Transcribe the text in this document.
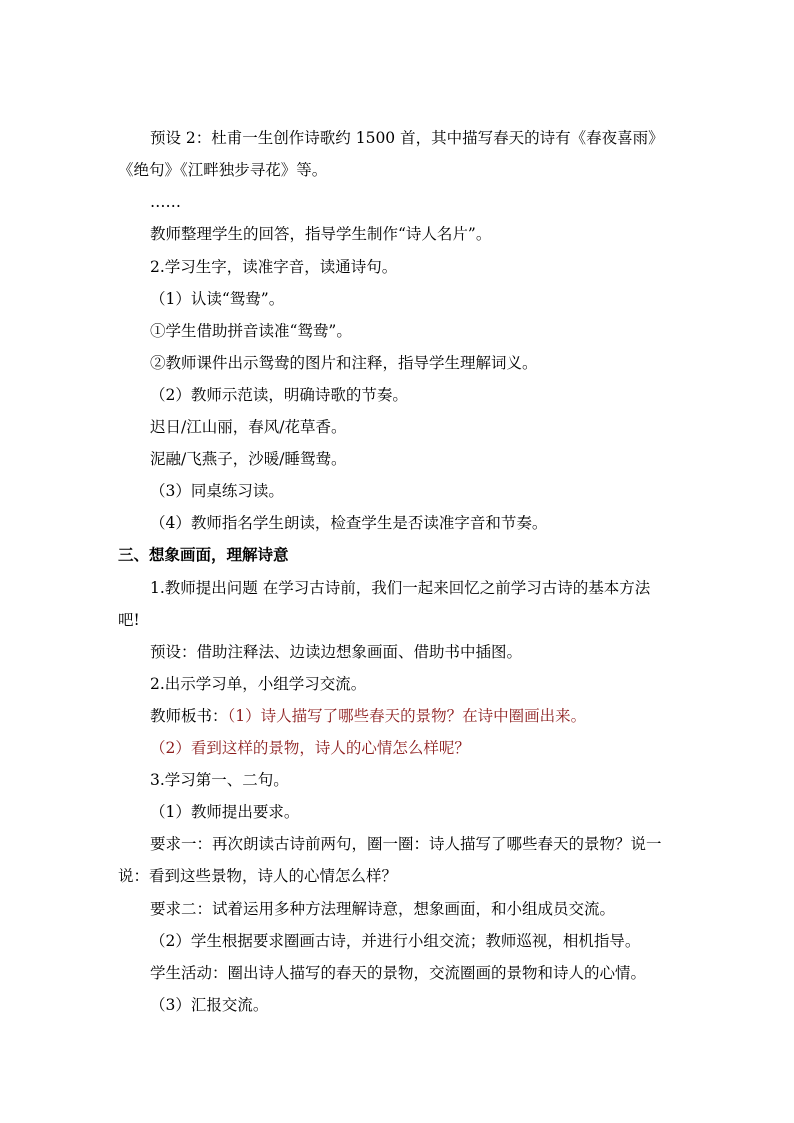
预设 2：杜甫一生创作诗歌约 1500 首，其中描写春天的诗有《春夜喜雨》
《绝句》《江畔独步寻花》等。
……
教师整理学生的回答，指导学生制作“诗人名片”。
2.学习生字，读准字音，读通诗句。
（1）认读“鸳鸯”。
①学生借助拼音读准“鸳鸯”。
②教师课件出示鸳鸯的图片和注释，指导学生理解词义。
（2）教师示范读，明确诗歌的节奏。
迟日/江山丽，春风/花草香。
泥融/飞燕子，沙暖/睡鸳鸯。
（3）同桌练习读。
（4）教师指名学生朗读，检查学生是否读准字音和节奏。
三、想象画面，理解诗意
1.教师提出问题 在学习古诗前，我们一起来回忆之前学习古诗的基本方法
吧!
预设：借助注释法、边读边想象画面、借助书中插图。
2.出示学习单，小组学习交流。
教师板书：（1）诗人描写了哪些春天的景物？在诗中圈画出来。
（2）看到这样的景物，诗人的心情怎么样呢？
3.学习第一、二句。
（1）教师提出要求。
要求一：再次朗读古诗前两句，圈一圈：诗人描写了哪些春天的景物？说一
说：看到这些景物，诗人的心情怎么样？
要求二：试着运用多种方法理解诗意，想象画面，和小组成员交流。
（2）学生根据要求圈画古诗，并进行小组交流；教师巡视，相机指导。
学生活动：圈出诗人描写的春天的景物，交流圈画的景物和诗人的心情。
（3）汇报交流。
